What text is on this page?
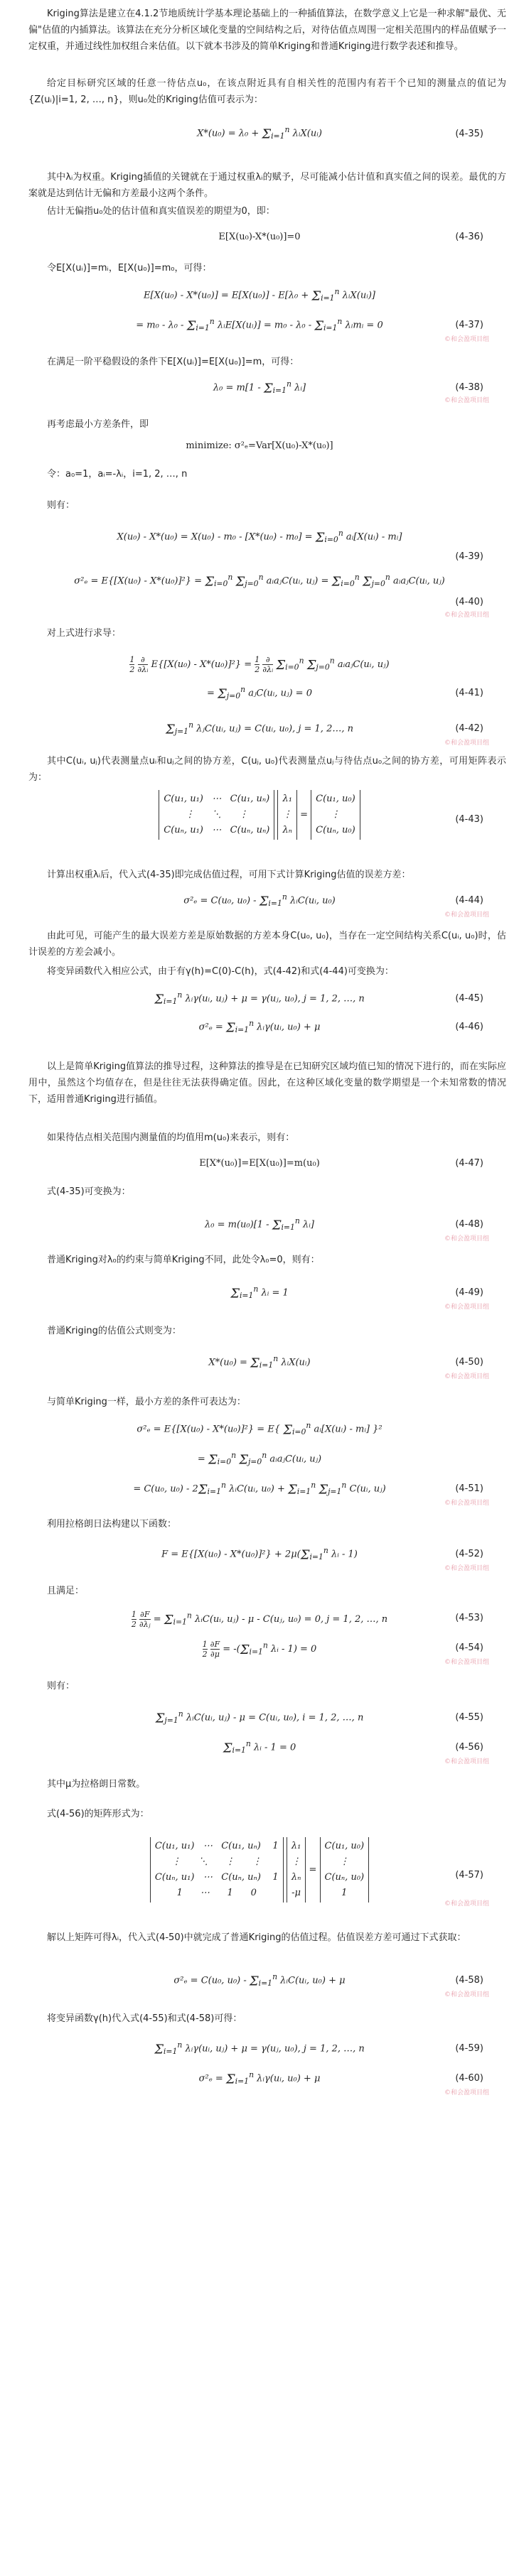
Kriging算法是建立在4.1.2节地质统计学基本理论基础上的一种插值算法，在数学意义上它是一种求解"最优、无偏"估值的内插算法。该算法在充分分析区域化变量的空间结构之后，对待估值点周围一定相关范围内的样品值赋予一定权重，并通过线性加权组合来估值。以下就本书涉及的简单Kriging和普通Kriging进行数学表述和推导。
给定目标研究区域的任意一待估点u₀，在该点附近具有自相关性的范围内有若干个已知的测量点的值记为{Z(uᵢ)|i=1, 2, …, n}，则u₀处的Kriging估值可表示为：
$X*(u_0) = \lambda_0 + \Sigma_{i=1}^n$ λᵢX(uᵢ)	(4-35)
其中λᵢ为权重。Kriging插值的关键就在于通过权重λᵢ的赋予，尽可能减小估计值和真实值之间的误差。最优的方案就是达到估计无偏和方差最小这两个条件。
估计无偏指u₀处的估计值和真实值误差的期望为0，即：
E[X(u₀)-X*(u₀)]=0	(4-36)
令E[X(uᵢ)]=mᵢ，E[X(u₀)]=m₀，可得：
$E[X(u_0) - X*(u_0)] = E[X(u_0)] - E[\lambda_0 + \Sigma_{i=1}^n$ λᵢX(uᵢ)]
= $m_0 - \lambda_0 - \Sigma_{i=1}^n$ λᵢE[X(uᵢ)] = $m_0 - \lambda_0 - \Sigma_{i=1}^n$ λᵢmᵢ = 0	(4-37)
©和会盈项目组
在满足一阶平稳假设的条件下E[X(uᵢ)]=E[X(u₀)]=m，可得：
$\lambda_0 = m[1 - \Sigma_{i=1}^n$ λᵢ]	(4-38)
©和会盈项目组
再考虑最小方差条件，即
minimize: σ²ₑ=Var[X(u₀)-X*(u₀)]
令：a₀=1，aᵢ=-λᵢ，i=1, 2, …, n
则有：
$X(u_0) - X*(u_0) = X(u_0) - m_0 - [X*(u_0) - m_0] = \Sigma_{i=0}^n$ aᵢ[X(uᵢ) - mᵢ]
(4-39)
$\sigma^2_e = E\{[X(u_0) - X*(u_0)]^2\} = \Sigma_{i=0}^n$ $\Sigma_{j=0}^n$ aᵢaⱼC(uᵢ, uⱼ) = $\Sigma_{i=0}^n$ $\Sigma_{j=0}^n$ aᵢaⱼC(uᵢ, uⱼ)
(4-40)
©和会盈项目组
对上式进行求导：
$\frac{1}{2}$
$\frac{\partial}{\text{∂λᵢ}} E\{[X(u_0) - X*(u_0)]^2\} = \frac{1}{2}$
$\frac{\partial}{\text{∂λᵢ}} \Sigma_{i=0}^n$ $\Sigma_{j=0}^n$ aᵢaⱼC(uᵢ, uⱼ)
= $\Sigma_{j=0}^n$ aⱼC(uᵢ, uⱼ) = 0	(4-41)
$\Sigma_{j=1}^n$ λⱼC(uᵢ, uⱼ) = C(uᵢ, u₀), j = 1, 2…, n	(4-42)
©和会盈项目组
其中C(uᵢ, uⱼ)代表测量点uᵢ和uⱼ之间的协方差，C(uⱼ, u₀)代表测量点uⱼ与待估点u₀之间的协方差，可用矩阵表示为：
C(u₁, u₁)   ⋯   C(u₁, uₙ)
⋮      ⋱      ⋮
C(uₙ, u₁)   ⋯   C(uₙ, uₙ)

λ₁
⋮
λₙ
=
C(u₁, u₀)
⋮
C(uₙ, u₀)
(4-43)
计算出权重λᵢ后，代入式(4-35)即完成估值过程，可用下式计算Kriging估值的误差方差：
σ²ₑ = C(u₀, $u_0) - \Sigma_{i=1}^n$ λᵢC(uᵢ, u₀)	(4-44)
©和会盈项目组
由此可见，可能产生的最大误差方差是原始数据的方差本身C(u₀, u₀)，当存在一定空间结构关系C(uᵢ, u₀)时，估计误差的方差会减小。
将变异函数代入相应公式，由于有γ(h)=C(0)-C(h)，式(4-42)和式(4-44)可变换为：
$\Sigma_{i=1}^n$ λᵢγ(uᵢ, uⱼ) + μ = γ(uⱼ, u₀), j = 1, 2, …, n	(4-45)
$\sigma^2_e = \Sigma_{i=1}^n$ λᵢγ(uᵢ, u₀) + μ	(4-46)
以上是简单Kriging值算法的推导过程，这种算法的推导是在已知研究区域均值已知的情况下进行的，而在实际应用中，虽然这个均值存在，但是往往无法获得确定值。因此，在这种区域化变量的数学期望是一个未知常数的情况下，适用普通Kriging进行插值。
如果待估点相关范围内测量值的均值用m(u₀)来表示，则有：
E[X*(u₀)]=E[X(u₀)]=m(u₀)	(4-47)
式(4-35)可变换为：
$\lambda_0 = m(u_0)[1 - \Sigma_{i=1}^n$ λᵢ]	(4-48)
©和会盈项目组
普通Kriging对λ₀的约束与简单Kriging不同，此处令λ₀=0，则有：
$\Sigma_{i=1}^n$ λᵢ = 1	(4-49)
©和会盈项目组
普通Kriging的估值公式则变为：
$X*(u_0) = \Sigma_{i=1}^n$ λᵢX(uᵢ)	(4-50)
©和会盈项目组
与简单Kriging一样，最小方差的条件可表达为：
σ²ₑ = E{[X(u₀) - X*(u₀)]²} = E{ $\Sigma_{i=0}^n$ aᵢ[X(uᵢ) - mᵢ] }²
= $\Sigma_{i=0}^n$ $\Sigma_{j=0}^n$ aᵢaⱼC(uᵢ, uⱼ)
= C(u₀, $u_0) - 2\Sigma_{i=1}^n$ λᵢC(uᵢ, $u_0) + \Sigma_{i=1}^n$ $\Sigma_{j=1}^n$ C(uᵢ, uⱼ)	(4-51)
©和会盈项目组
利用拉格朗日法构建以下函数：
$F = E\{[X(u_0) - X*(u_0)]^2\} + 2\mu(\Sigma_{i=1}^n$ λᵢ - 1)	(4-52)
©和会盈项目组
且满足：
$\frac{1}{2}$
$\frac{\partial F}{\text{∂λⱼ}} = \Sigma_{i=1}^n$ λᵢC(uᵢ, uⱼ) - μ - C(uⱼ, u₀) = 0, j = 1, 2, …, n	(4-53)
$\frac{1}{2}$
$\frac{\partial F}{\partial\mu} = -(\Sigma_{i=1}^n$ λᵢ - 1) = 0	(4-54)
©和会盈项目组
则有：
$\Sigma_{j=1}^n$ λᵢC(uᵢ, uⱼ) - μ = C(uᵢ, u₀), i = 1, 2, …, n	(4-55)
$\Sigma_{i=1}^n$ λᵢ - 1 = 0	(4-56)
©和会盈项目组
其中μ为拉格朗日常数。
式(4-56)的矩阵形式为：
C(u₁, u₁)   ⋯   C(u₁, uₙ)    1
⋮      ⋱      ⋮      ⋮
C(uₙ, u₁)   ⋯   C(uₙ, uₙ)    1
1      ⋯      1      0

λ₁
⋮
λₙ
-μ
=
C(u₁, u₀)
⋮
C(uₙ, u₀)
1
(4-57)
©和会盈项目组
解以上矩阵可得λᵢ，代入式(4-50)中就完成了普通Kriging的估值过程。估值误差方差可通过下式获取：
σ²ₑ = C(u₀, $u_0) - \Sigma_{i=1}^n$ λᵢC(uᵢ, u₀) + μ	(4-58)
©和会盈项目组
将变异函数γ(h)代入式(4-55)和式(4-58)可得：
$\Sigma_{i=1}^n$ λᵢγ(uᵢ, uⱼ) + μ = γ(uⱼ, u₀), j = 1, 2, …, n	(4-59)
$\sigma^2_e = \Sigma_{i=1}^n$ λᵢγ(uᵢ, u₀) + μ	(4-60)
©和会盈项目组
